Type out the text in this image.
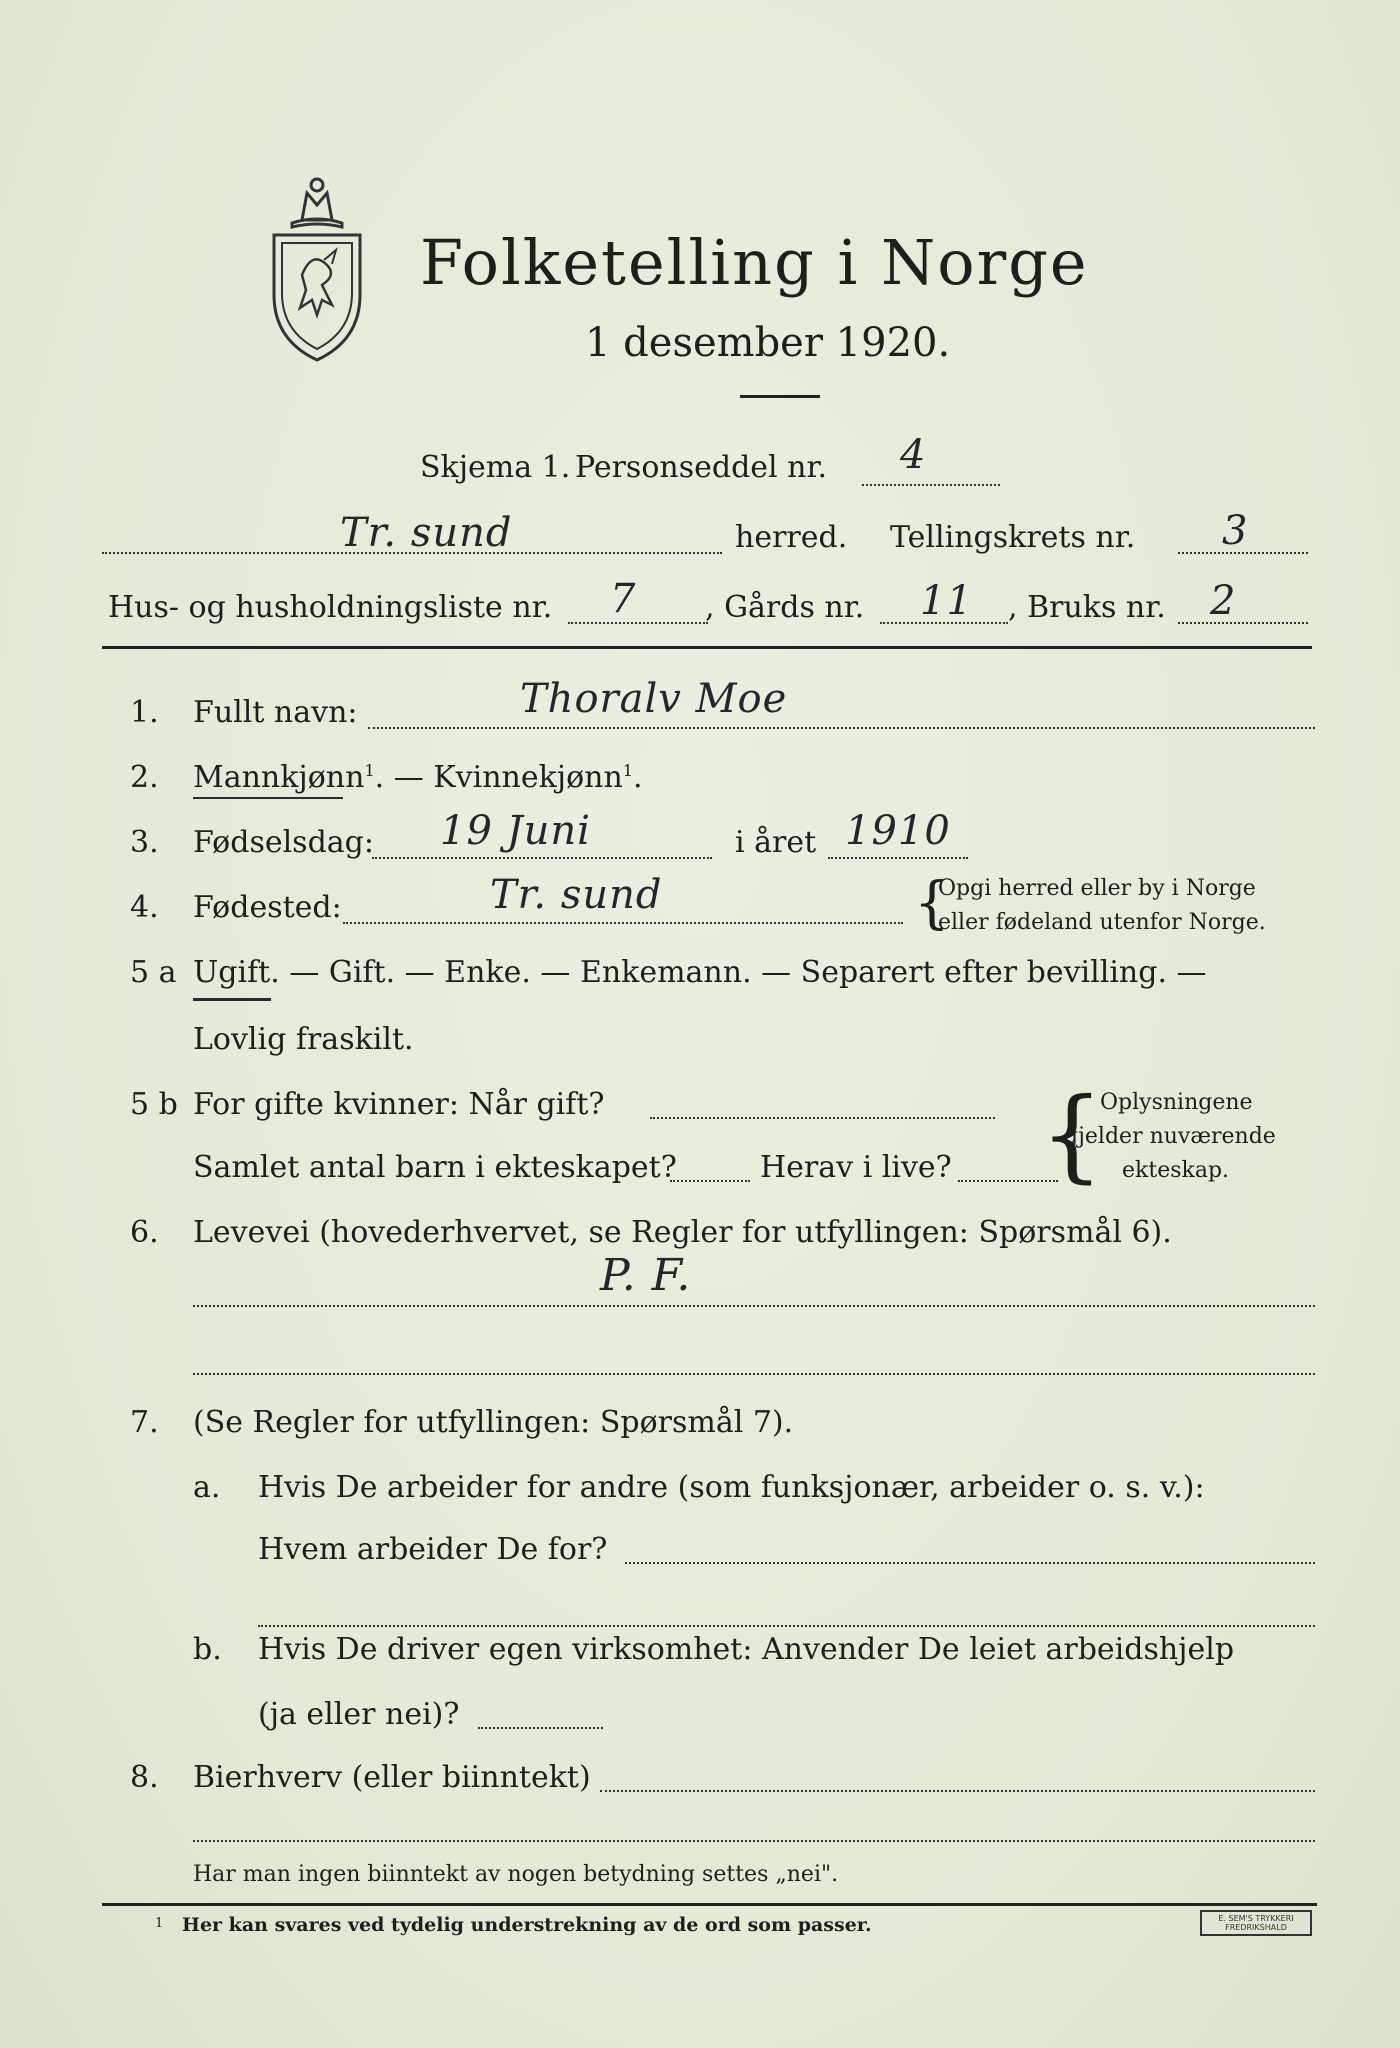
Folketelling i Norge
1 desember 1920.
Skjema 1. Personseddel nr. 4
Tr. sund	herred. Tellingskrets nr. 3
Hus- og husholdningsliste nr. 7 , Gårds nr. 11 , Bruks nr. 2
1. Fullt navn:	Thoralv Moe
2. Mannkjønn$^1$. — Kvinnekjønn$^1$.
3. Fødselsdag: 19 Juni	i året 1910
4. Fødested:	Tr. sund	{
Opgi herred eller by i Norge
eller fødeland utenfor Norge.
5 a Ugift. — Gift. — Enke. — Enkemann. — Separert efter bevilling. —
Lovlig fraskilt.
5 b For gifte kvinner: Når gift?
Samlet antal barn i ekteskapet?	Herav i live? {
Oplysningene
gjelder nuværende
ekteskap.
6. Levevei (hovederhvervet, se Regler for utfyllingen: Spørsmål 6).
P. F.
7. (Se Regler for utfyllingen: Spørsmål 7).
a. Hvis De arbeider for andre (som funksjonær, arbeider o. s. v.):
Hvem arbeider De for?
b. Hvis De driver egen virksomhet: Anvender De leiet arbeidshjelp
(ja eller nei)?
8. Bierhverv (eller biinntekt)
Har man ingen biinntekt av nogen betydning settes „nei".
1 Her kan svares ved tydelig understrekning av de ord som passer.	E. SEM'S TRYKKERI
FREDRIKSHALD
